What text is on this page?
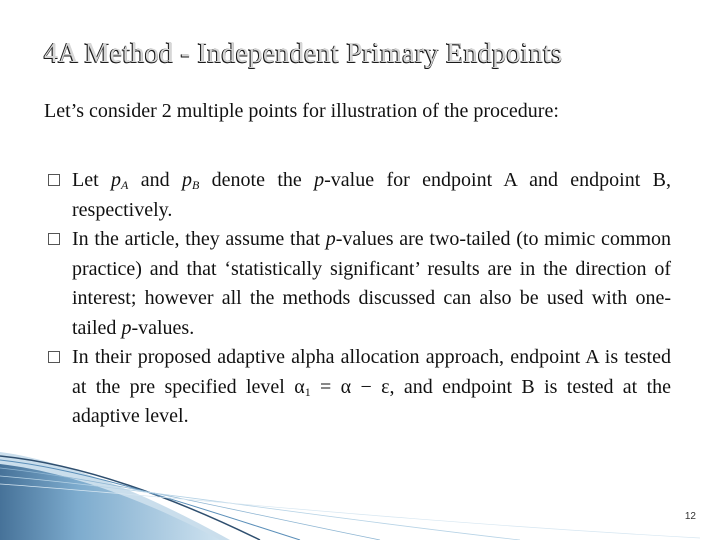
4A Method - Independent Primary Endpoints
Let’s consider 2 multiple points for illustration of the procedure:
Let $p_A$ and $p_B$ denote the p-value for endpoint A and endpoint B, respectively.
In the article, they assume that p-values are two-tailed (to mimic common practice) and that ‘statistically significant’ results are in the direction of interest; however all the methods discussed can also be used with one-tailed p-values.
In their proposed adaptive alpha allocation approach, endpoint A is tested at the pre specified level $\alpha_1 = \alpha - \varepsilon$, and endpoint B is tested at the adaptive level.
12
